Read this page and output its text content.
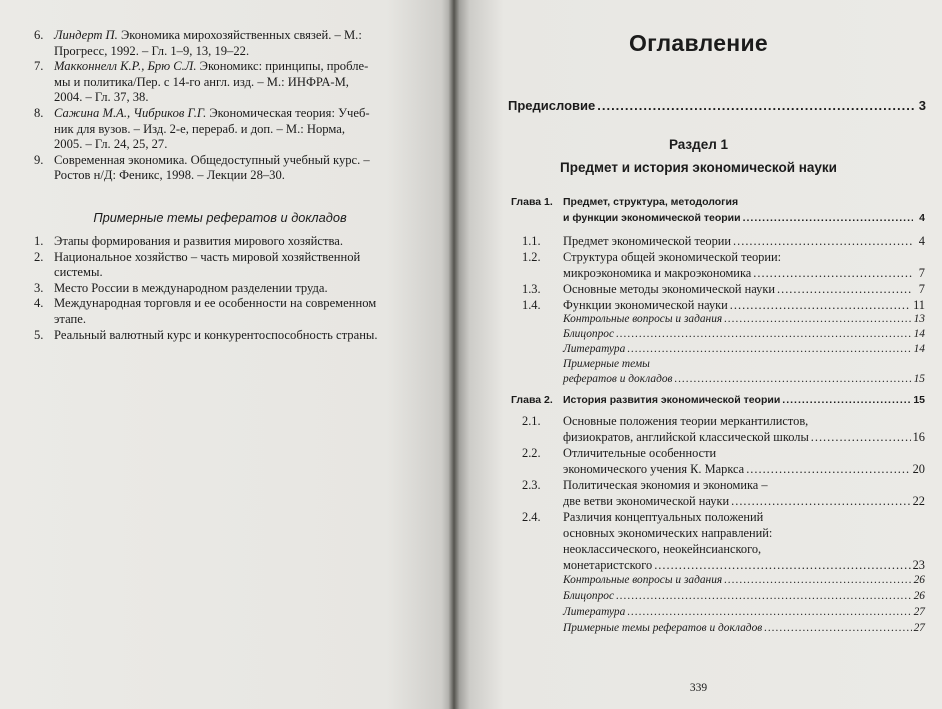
6. Линдерт П. Экономика мирохозяйственных связей. – М.:
Прогресс, 1992. – Гл. 1–9, 13, 19–22.
7. Макконнелл К.Р., Брю С.Л. Экономикс: принципы, пробле-
мы и политика/Пер. с 14-го англ. изд. – М.: ИНФРА-М,
2004. – Гл. 37, 38.
8. Сажина М.А., Чибриков Г.Г. Экономическая теория: Учеб-
ник для вузов. – Изд. 2-е, перераб. и доп. – М.: Норма,
2005. – Гл. 24, 25, 27.
9. Современная экономика. Общедоступный учебный курс. –
Ростов н/Д: Феникс, 1998. – Лекции 28–30.
Примерные темы рефератов и докладов
1. Этапы формирования и развития мирового хозяйства.
2. Национальное хозяйство – часть мировой хозяйственной
системы.
3. Место России в международном разделении труда.
4. Международная торговля и ее особенности на современном
этапе.
5. Реальный валютный курс и конкурентоспособность страны.
Оглавление
Предисловие .....	3
Раздел 1
Предмет и история экономической науки
Глава 1. Предмет, структура, методология
и функции экономической теории .....	4
1.1. Предмет экономической теории .....	4
1.2. Структура общей экономической теории:
микроэкономика и макроэкономика .....	7
1.3. Основные методы экономической науки .....	7
1.4. Функции экономической науки .....	11
Контрольные вопросы и задания .....	13
Блицопрос .....	14
Литература .....	14
Примерные темы
рефератов и докладов .....	15
Глава 2. История развития экономической теории .....	15
2.1. Основные положения теории меркантилистов,
физиократов, английской классической школы .....	16
2.2. Отличительные особенности
экономического учения К. Маркса .....	20
2.3. Политическая экономия и экономика –
две ветви экономической науки .....	22
2.4. Различия концептуальных положений
основных экономических направлений:
неоклассического, неокейнсианского,
монетаристского .....	23
Контрольные вопросы и задания .....	26
Блицопрос .....	26
Литература .....	27
Примерные темы рефератов и докладов .....	27
339
